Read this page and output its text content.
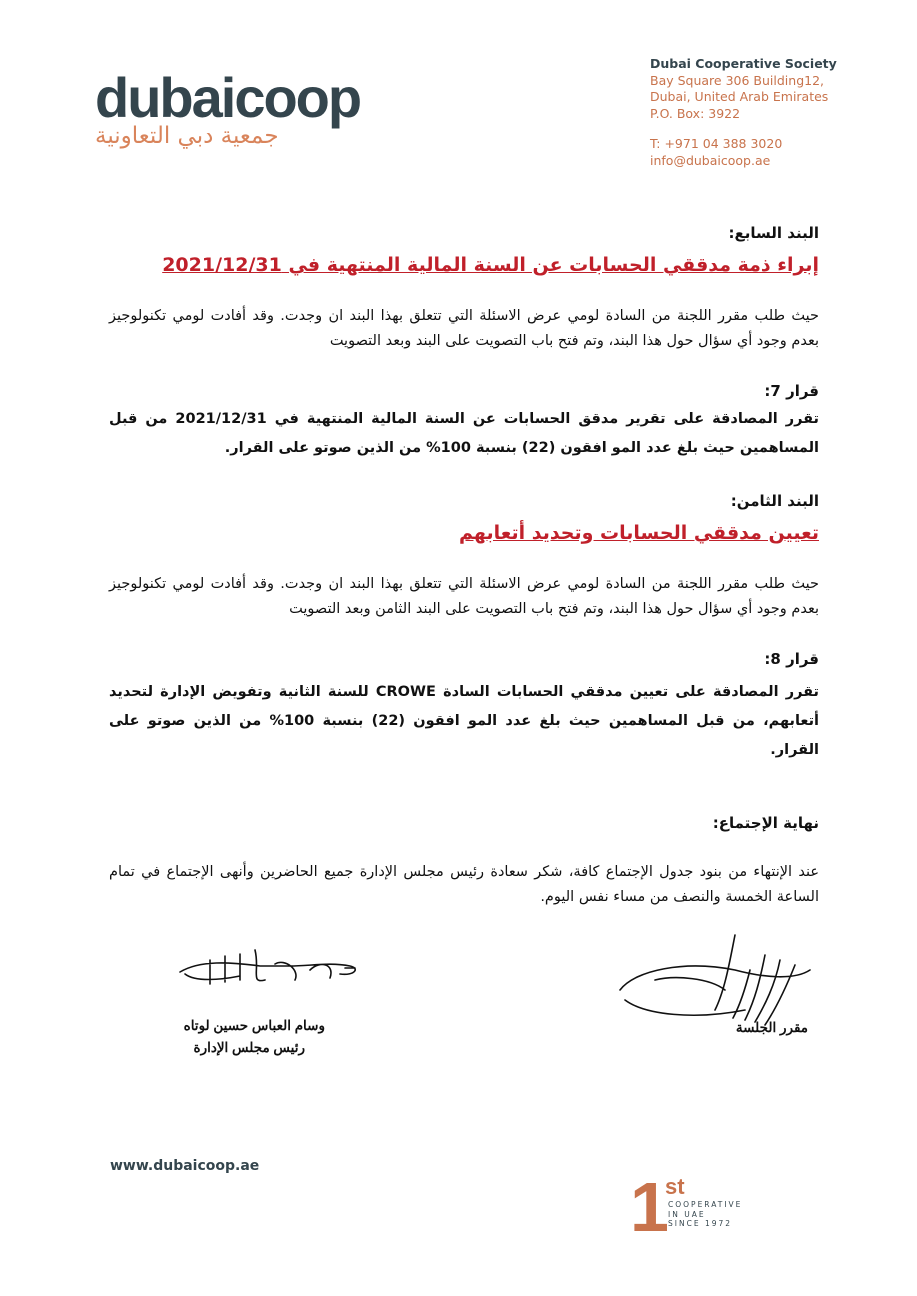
dubaicoop
جمعية دبي التعاونية
Dubai Cooperative Society
Bay Square 306 Building12,
Dubai, United Arab Emirates
P.O. Box: 3922
T: +971 04 388 3020
info@dubaicoop.ae
البند السابع:
إبراء ذمة مدققي الحسابات عن السنة المالية المنتهية في 2021/12/31
حيث طلب مقرر اللجنة من السادة لومي عرض الاسئلة التي تتعلق بهذا البند ان وجدت. وقد أفادت لومي تكنولوجيز بعدم وجود أي سؤال حول هذا البند، وتم فتح باب التصويت على البند وبعد التصويت
قرار 7:
تقرر المصادقة على تقرير مدقق الحسابات عن السنة المالية المنتهية في 2021/12/31 من قبل المساهمين حيث بلغ عدد المو افقون (22) بنسبة 100% من الذين صوتو على القرار.
البند الثامن:
تعيين مدققي الحسابات وتحديد أتعابهم
حيث طلب مقرر اللجنة من السادة لومي عرض الاسئلة التي تتعلق بهذا البند ان وجدت. وقد أفادت لومي تكنولوجيز بعدم وجود أي سؤال حول هذا البند، وتم فتح باب التصويت على البند الثامن وبعد التصويت
قرار 8:
تقرر المصادقة على تعيين مدققي الحسابات السادة CROWE للسنة الثانية وتفويض الإدارة لتحديد أتعابهم، من قبل المساهمين حيث بلغ عدد المو افقون (22) بنسبة 100% من الذين صوتو على القرار.
نهاية الإجتماع:
عند الإنتهاء من بنود جدول الإجتماع كافة، شكر سعادة رئيس مجلس الإدارة جميع الحاضرين وأنهى الإجتماع في تمام الساعة الخمسة والنصف من مساء نفس اليوم.
وسام العباس حسين لوتاه
رئيس مجلس الإدارة
مقرر الجلسة
www.dubaicoop.ae
1
st
COOPERATIVE
IN UAE
SINCE 1972
